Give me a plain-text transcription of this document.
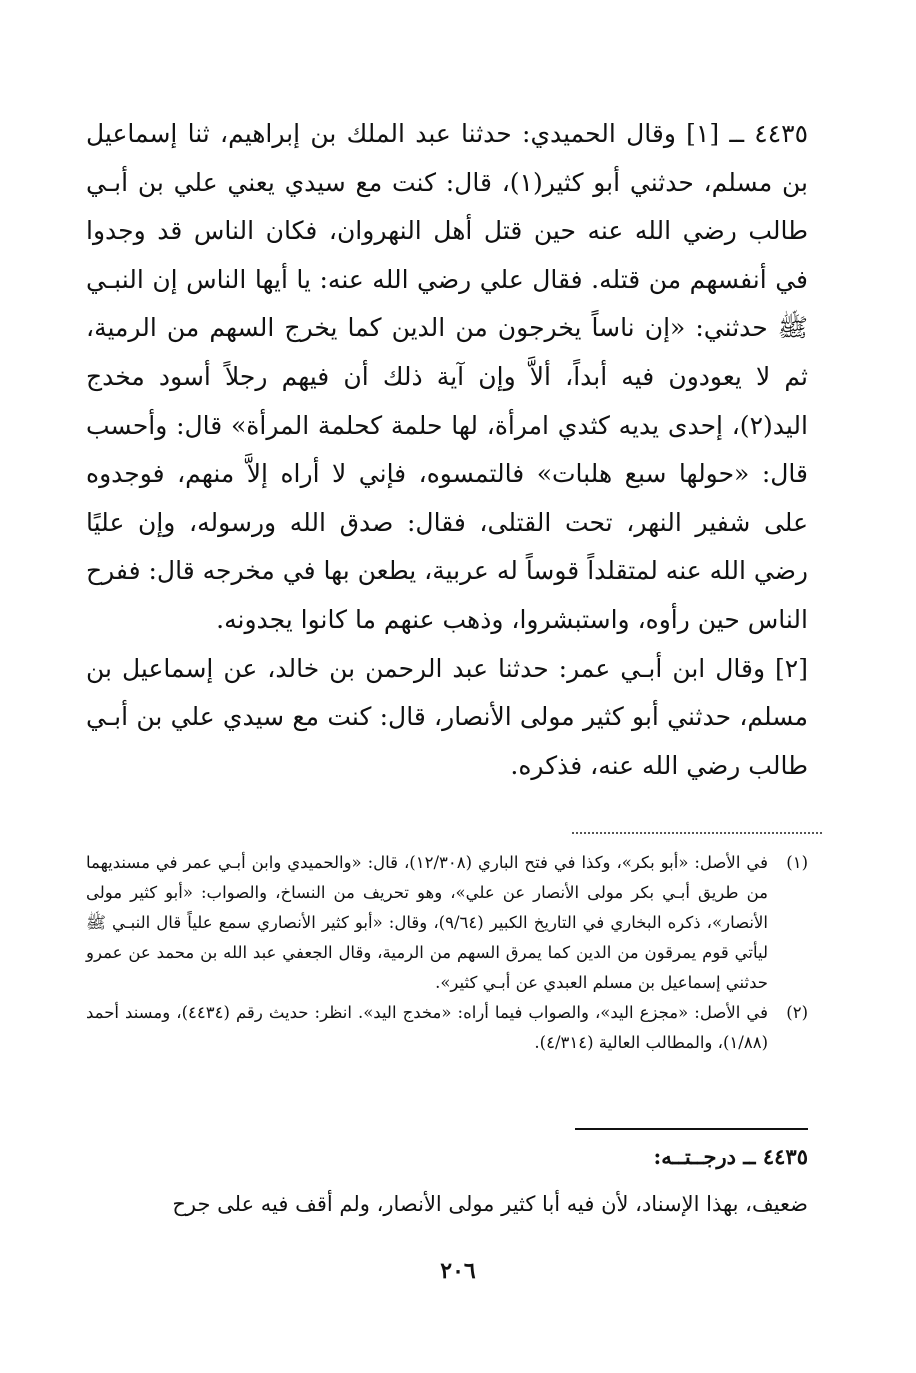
٤٤٣٥ ــ [١] وقال الحميدي: حدثنا عبد الملك بن إبراهيم، ثنا إسماعيل بن مسلم، حدثني أبو كثير(١)، قال: كنت مع سيدي يعني علي بن أبـي طالب رضي الله عنه حين قتل أهل النهروان، فكان الناس قد وجدوا في أنفسهم من قتله. فقال علي رضي الله عنه: يا أيها الناس إن النبـي ﷺ حدثني: «إن ناساً يخرجون من الدين كما يخرج السهم من الرمية، ثم لا يعودون فيه أبداً، ألاَّ وإن آية ذلك أن فيهم رجلاً أسود مخدج اليد(٢)، إحدى يديه كثدي امرأة، لها حلمة كحلمة المرأة» قال: وأحسب قال: «حولها سبع هلبات» فالتمسوه، فإني لا أراه إلاَّ منهم، فوجدوه على شفير النهر، تحت القتلى، فقال: صدق الله ورسوله، وإن عليًا رضي الله عنه لمتقلداً قوساً له عربية، يطعن بها في مخرجه قال: ففرح الناس حين رأوه، واستبشروا، وذهب عنهم ما كانوا يجدونه.

[٢] وقال ابن أبـي عمر: حدثنا عبد الرحمن بن خالد، عن إسماعيل بن مسلم، حدثني أبو كثير مولى الأنصار، قال: كنت مع سيدي علي بن أبـي طالب رضي الله عنه، فذكره.

(١)
في الأصل: «أبو بكر»، وكذا في فتح الباري (١٢/٣٠٨)، قال: «والحميدي وابن أبـي عمر في مسنديهما من طريق أبـي بكر مولى الأنصار عن علي»، وهو تحريف من النساخ، والصواب: «أبو كثير مولى الأنصار»، ذكره البخاري في التاريخ الكبير (٩/٦٤)، وقال: «أبو كثير الأنصاري سمع علياً قال النبـي ﷺ ليأتي قوم يمرقون من الدين كما يمرق السهم من الرمية، وقال الجعفي عبد الله بن محمد عن عمرو حدثني إسماعيل بن مسلم العبدي عن أبـي كثير».
(٢)
في الأصل: «مجزع اليد»، والصواب فيما أراه: «مخدج اليد». انظر: حديث رقم (٤٤٣٤)، ومسند أحمد (١/٨٨)، والمطالب العالية (٤/٣١٤).
٤٤٣٥ ــ درجــتــه:
ضعيف، بهذا الإسناد، لأن فيه أبا كثير مولى الأنصار، ولم أقف فيه على جرح
٢٠٦
